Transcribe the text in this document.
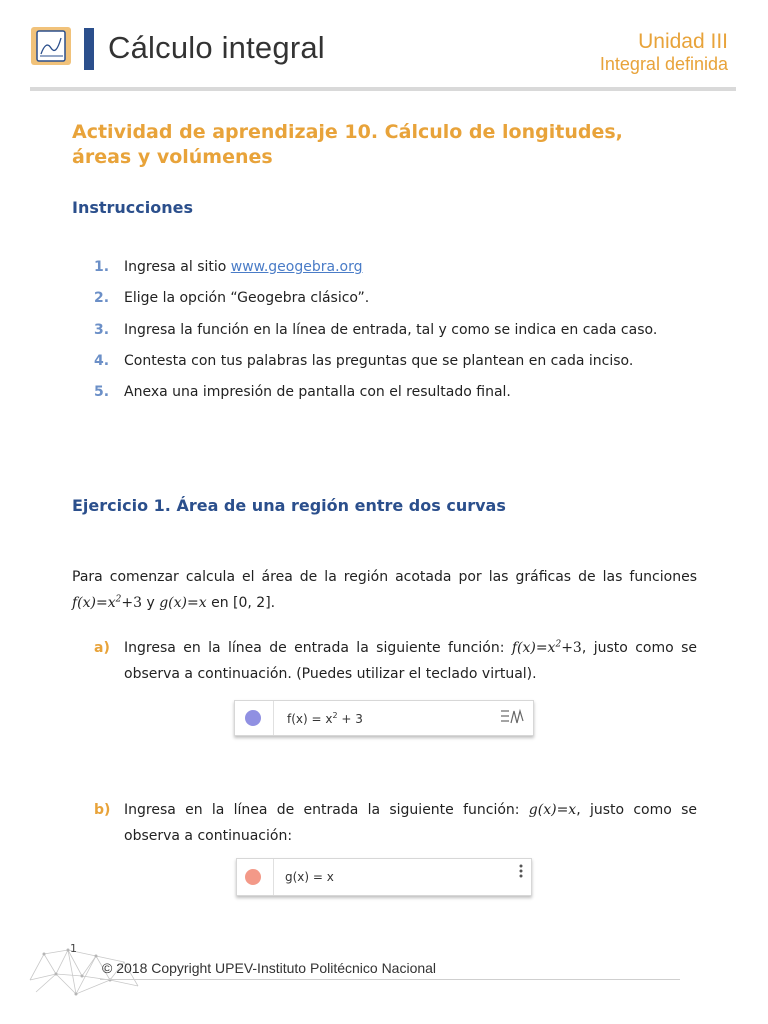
Cálculo integral	Unidad III
Integral definida
Actividad de aprendizaje 10. Cálculo de longitudes,
áreas y volúmenes
Instrucciones
1. Ingresa al sitio www.geogebra.org
2. Elige la opción “Geogebra clásico”.
3. Ingresa la función en la línea de entrada, tal y como se indica en cada caso.
4. Contesta con tus palabras las preguntas que se plantean en cada inciso.
5. Anexa una impresión de pantalla con el resultado final.
Ejercicio 1. Área de una región entre dos curvas

Para comenzar calcula el área de la región acotada por las gráficas de las funciones $f(x)=x^2+3$ y g(x)=x en [0, 2].

a)	Ingresa en la línea de entrada la siguiente función: $f(x)=x^2+3$, justo como se observa a continuación. (Puedes utilizar el teclado virtual).
$f(x) = x^2 + 3$
b) Ingresa en la línea de entrada la siguiente función: g(x)=x, justo como se observa a continuación:
g(x) = x
1
© 2018 Copyright UPEV-Instituto Politécnico Nacional
